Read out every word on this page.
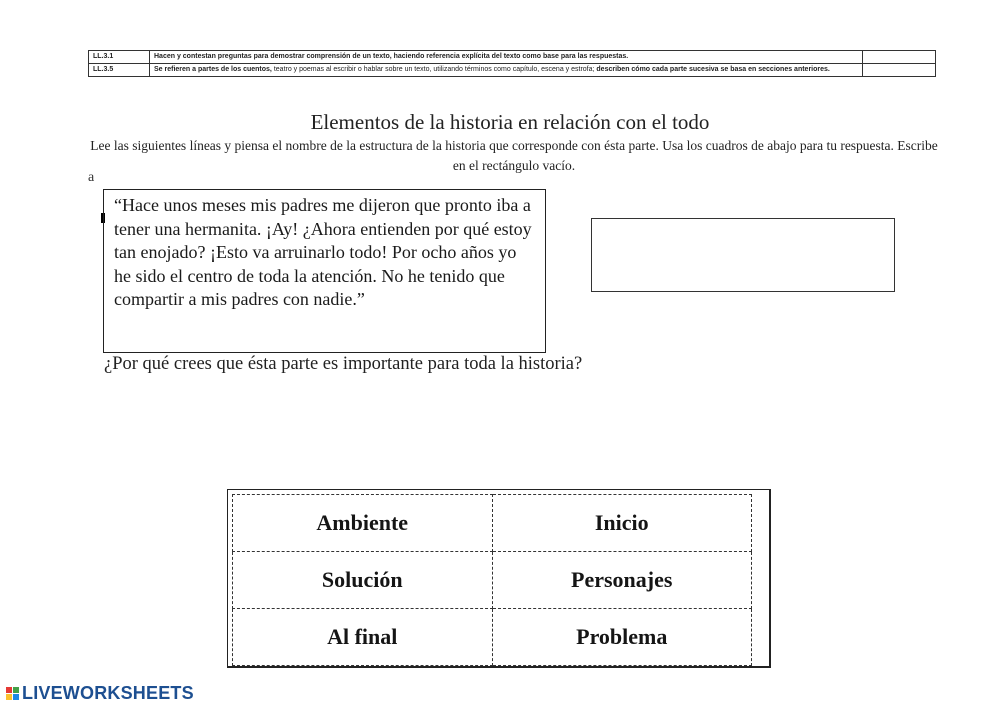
LL.3.1	Hacen y contestan preguntas para demostrar comprensión de un texto, haciendo referencia explícita del texto como base para las respuestas.	
LL.3.5	Se refieren a partes de los cuentos, teatro y poemas al escribir o hablar sobre un texto, utilizando términos como capítulo, escena y estrofa; describen cómo cada parte sucesiva se basa en secciones anteriores.	
Elementos de la historia en relación con el todo
Lee las siguientes líneas y piensa el nombre de la estructura de la historia que corresponde con ésta parte. Usa los cuadros de abajo para tu respuesta. Escribe en el rectángulo vacío.
a
“Hace unos meses mis padres me dijeron que pronto iba a tener una hermanita. ¡Ay! ¿Ahora entienden por qué estoy tan enojado? ¡Esto va arruinarlo todo! Por ocho años yo he sido el centro de toda la atención. No he tenido que compartir a mis padres con nadie.”
¿Por qué crees que ésta parte es importante para toda la historia?
Ambiente	Inicio
Solución	Personajes
Al final	Problema
LIVEWORKSHEETS
